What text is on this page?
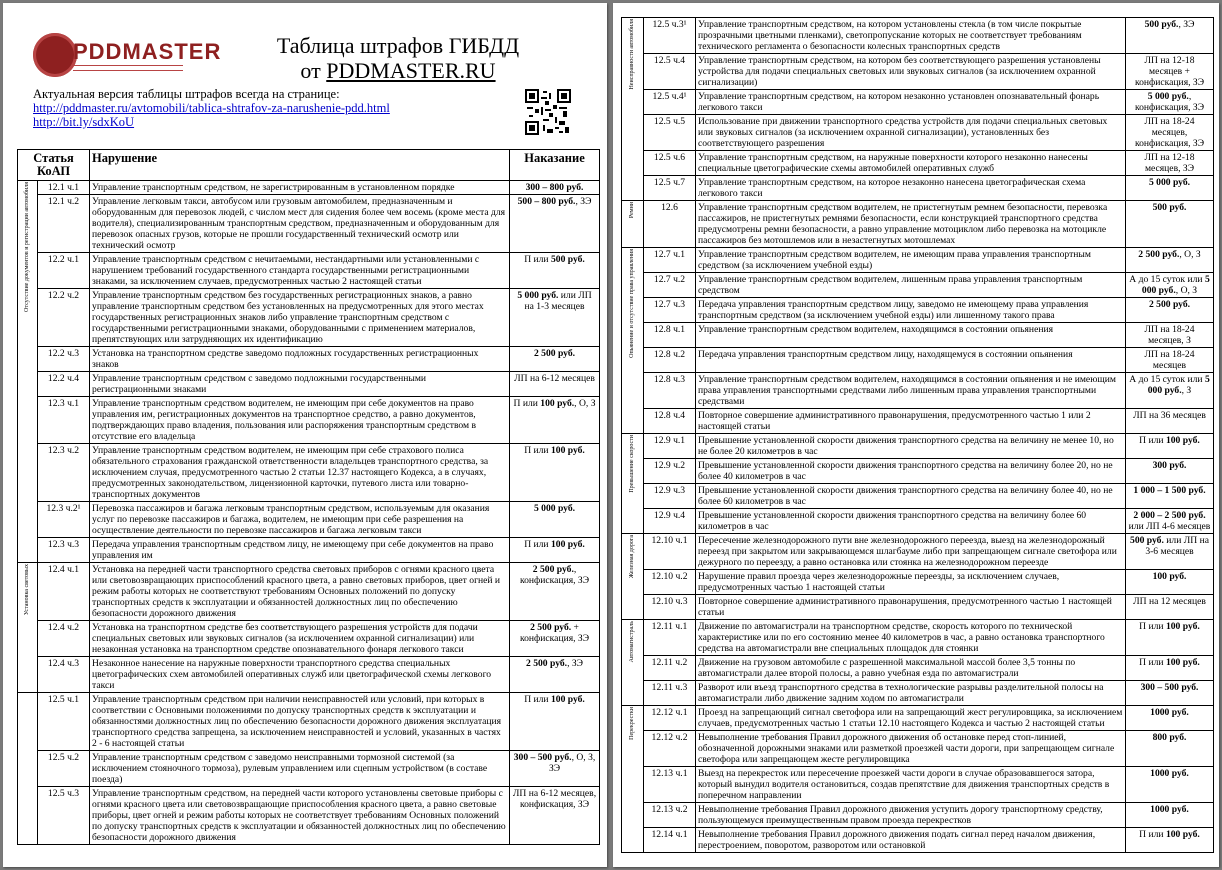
PDDMASTER	Таблица штрафов ГИБДД
от PDDMASTER.RU
Актуальная версия таблицы штрафов всегда на странице:
http://pddmaster.ru/avtomobili/tablica-shtrafov-za-narushenie-pdd.html
http://bit.ly/sdxKoU
Статья КоАП		Нарушение	Наказание
Отсутствие документов и регистрации автомобиля	12.1 ч.1	Управление транспортным средством, не зарегистрированным в установленном порядке	300 – 800 руб.
	12.1 ч.2	Управление легковым такси, автобусом или грузовым автомобилем, предназначенным и оборудованным для перевозок людей, с числом мест для сидения более чем восемь (кроме места для водителя), специализированным транспортным средством, предназначенным и оборудованным для перевозок опасных грузов, которые не прошли государственный технический осмотр или технический осмотр	500 – 800 руб., ЗЭ
	12.2 ч.1	Управление транспортным средством с нечитаемыми, нестандартными или установленными с нарушением требований государственного стандарта государственными регистрационными знаками, за исключением случаев, предусмотренных частью 2 настоящей статьи	П или 500 руб.
	12.2 ч.2	Управление транспортным средством без государственных регистрационных знаков, а равно управление транспортным средством без установленных на предусмотренных для этого местах государственных регистрационных знаков либо управление транспортным средством с государственными регистрационными знаками, оборудованными с применением материалов, препятствующих или затрудняющих их идентификацию	5 000 руб. или ЛП на 1-3 месяцев
	12.2 ч.3	Установка на транспортном средстве заведомо подложных государственных регистрационных знаков	2 500 руб.
	12.2 ч.4	Управление транспортным средством с заведомо подложными государственными регистрационными знаками	ЛП на 6-12 месяцев
	12.3 ч.1	Управление транспортным средством водителем, не имеющим при себе документов на право управления им, регистрационных документов на транспортное средство, а равно документов, подтверждающих право владения, пользования или распоряжения транспортным средством в отсутствие его владельца	П или 100 руб., О, З
	12.3 ч.2	Управление транспортным средством водителем, не имеющим при себе страхового полиса обязательного страхования гражданской ответственности владельцев транспортного средства, за исключением случая, предусмотренного частью 2 статьи 12.37 настоящего Кодекса, а в случаях, предусмотренных законодательством, лицензионной карточки, путевого листа или товарно-транспортных документов	П или 100 руб.
	12.3 ч.2¹	Перевозка пассажиров и багажа легковым транспортным средством, используемым для оказания услуг по перевозке пассажиров и багажа, водителем, не имеющим при себе разрешения на осуществление деятельности по перевозке пассажиров и багажа легковым такси	5 000 руб.
	12.3 ч.3	Передача управления транспортным средством лицу, не имеющему при себе документов на право управления им	П или 100 руб.
Установка световых	12.4 ч.1	Установка на передней части транспортного средства световых приборов с огнями красного цвета или световозвращающих приспособлений красного цвета, а равно световых приборов, цвет огней и режим работы которых не соответствуют требованиям Основных положений по допуску транспортных средств к эксплуатации и обязанностей должностных лиц по обеспечению безопасности дорожного движения	2 500 руб., конфискация, ЗЭ
	12.4 ч.2	Установка на транспортном средстве без соответствующего разрешения устройств для подачи специальных световых или звуковых сигналов (за исключением охранной сигнализации) или незаконная установка на транспортном средстве опознавательного фонаря легкового такси	2 500 руб. + конфискация, ЗЭ
	12.4 ч.3	Незаконное нанесение на наружные поверхности транспортного средства специальных цветографических схем автомобилей оперативных служб или цветографической схемы легкового такси	2 500 руб., ЗЭ
	12.5 ч.1	Управление транспортным средством при наличии неисправностей или условий, при которых в соответствии с Основными положениями по допуску транспортных средств к эксплуатации и обязанностями должностных лиц по обеспечению безопасности дорожного движения эксплуатация транспортного средства запрещена, за исключением неисправностей и условий, указанных в частях 2 - 6 настоящей статьи	П или 100 руб.
	12.5 ч.2	Управление транспортным средством с заведомо неисправными тормозной системой (за исключением стояночного тормоза), рулевым управлением или сцепным устройством (в составе поезда)	300 – 500 руб., О, З, ЗЭ
	12.5 ч.3	Управление транспортным средством, на передней части которого установлены световые приборы с огнями красного цвета или световозвращающие приспособления красного цвета, а равно световые приборы, цвет огней и режим работы которых не соответствует требованиям Основных положений по допуску транспортных средств к эксплуатации и обязанностей должностных лиц по обеспечению безопасности дорожного движения	ЛП на 6-12 месяцев, конфискация, ЗЭ
Неисправности автомобиля	12.5 ч.3¹	Управление транспортным средством, на котором установлены стекла (в том числе покрытые прозрачными цветными пленками), светопропускание которых не соответствует требованиям технического регламента о безопасности колесных транспортных средств	500 руб., ЗЭ
	12.5 ч.4	Управление транспортным средством, на котором без соответствующего разрешения установлены устройства для подачи специальных световых или звуковых сигналов (за исключением охранной сигнализации)	ЛП на 12-18 месяцев + конфискация, ЗЭ
	12.5 ч.4¹	Управление транспортным средством, на котором незаконно установлен опознавательный фонарь легкового такси	5 000 руб., конфискация, ЗЭ
	12.5 ч.5	Использование при движении транспортного средства устройств для подачи специальных световых или звуковых сигналов (за исключением охранной сигнализации), установленных без соответствующего разрешения	ЛП на 18-24 месяцев, конфискация, ЗЭ
	12.5 ч.6	Управление транспортным средством, на наружные поверхности которого незаконно нанесены специальные цветографические схемы автомобилей оперативных служб	ЛП на 12-18 месяцев, ЗЭ
	12.5 ч.7	Управление транспортным средством, на которое незаконно нанесена цветографическая схема легкового такси	5 000 руб.
Ремни	12.6	Управление транспортным средством водителем, не пристегнутым ремнем безопасности, перевозка пассажиров, не пристегнутых ремнями безопасности, если конструкцией транспортного средства предусмотрены ремни безопасности, а равно управление мотоциклом либо перевозка на мотоцикле пассажиров без мотошлемов или в незастегнутых мотошлемах	500 руб.
Опьянение и отсутствие права управления	12.7 ч.1	Управление транспортным средством водителем, не имеющим права управления транспортным средством (за исключением учебной езды)	2 500 руб., О, З
	12.7 ч.2	Управление транспортным средством водителем, лишенным права управления транспортным средством	А до 15 суток или 5 000 руб., О, З
	12.7 ч.3	Передача управления транспортным средством лицу, заведомо не имеющему права управления транспортным средством (за исключением учебной езды) или лишенному такого права	2 500 руб.
	12.8 ч.1	Управление транспортным средством водителем, находящимся в состоянии опьянения	ЛП на 18-24 месяцев, З
	12.8 ч.2	Передача управления транспортным средством лицу, находящемуся в состоянии опьянения	ЛП на 18-24 месяцев
	12.8 ч.3	Управление транспортным средством водителем, находящимся в состоянии опьянения и не имеющим права управления транспортными средствами либо лишенным права управления транспортными средствами	А до 15 суток или 5 000 руб., З
	12.8 ч.4	Повторное совершение административного правонарушения, предусмотренного частью 1 или 2 настоящей статьи	ЛП на 36 месяцев
Превышение скорости	12.9 ч.1	Превышение установленной скорости движения транспортного средства на величину не менее 10, но не более 20 километров в час	П или 100 руб.
	12.9 ч.2	Превышение установленной скорости движения транспортного средства на величину более 20, но не более 40 километров в час	300 руб.
	12.9 ч.3	Превышение установленной скорости движения транспортного средства на величину более 40, но не более 60 километров в час	1 000 – 1 500 руб.
	12.9 ч.4	Превышение установленной скорости движения транспортного средства на величину более 60 километров в час	2 000 – 2 500 руб. или ЛП 4-6 месяцев
Железная дорога	12.10 ч.1	Пересечение железнодорожного пути вне железнодорожного переезда, выезд на железнодорожный переезд при закрытом или закрывающемся шлагбауме либо при запрещающем сигнале светофора или дежурного по переезду, а равно остановка или стоянка на железнодорожном переезде	500 руб. или ЛП на 3-6 месяцев
	12.10 ч.2	Нарушение правил проезда через железнодорожные переезды, за исключением случаев, предусмотренных частью 1 настоящей статьи	100 руб.
	12.10 ч.3	Повторное совершение административного правонарушения, предусмотренного частью 1 настоящей статьи	ЛП на 12 месяцев
Автомагистраль	12.11 ч.1	Движение по автомагистрали на транспортном средстве, скорость которого по технической характеристике или по его состоянию менее 40 километров в час, а равно остановка транспортного средства на автомагистрали вне специальных площадок для стоянки	П или 100 руб.
	12.11 ч.2	Движение на грузовом автомобиле с разрешенной максимальной массой более 3,5 тонны по автомагистрали далее второй полосы, а равно учебная езда по автомагистрали	П или 100 руб.
	12.11 ч.3	Разворот или въезд транспортного средства в технологические разрывы разделительной полосы на автомагистрали либо движение задним ходом по автомагистрали	300 – 500 руб.
Перекрестки	12.12 ч.1	Проезд на запрещающий сигнал светофора или на запрещающий жест регулировщика, за исключением случаев, предусмотренных частью 1 статьи 12.10 настоящего Кодекса и частью 2 настоящей статьи	1000 руб.
	12.12 ч.2	Невыполнение требования Правил дорожного движения об остановке перед стоп-линией, обозначенной дорожными знаками или разметкой проезжей части дороги, при запрещающем сигнале светофора или запрещающем жесте регулировщика	800 руб.
	12.13 ч.1	Выезд на перекресток или пересечение проезжей части дороги в случае образовавшегося затора, который вынудил водителя остановиться, создав препятствие для движения транспортных средств в поперечном направлении	1000 руб.
	12.13 ч.2	Невыполнение требования Правил дорожного движения уступить дорогу транспортному средству, пользующемуся преимущественным правом проезда перекрестков	1000 руб.
	12.14 ч.1	Невыполнение требования Правил дорожного движения подать сигнал перед началом движения, перестроением, поворотом, разворотом или остановкой	П или 100 руб.
